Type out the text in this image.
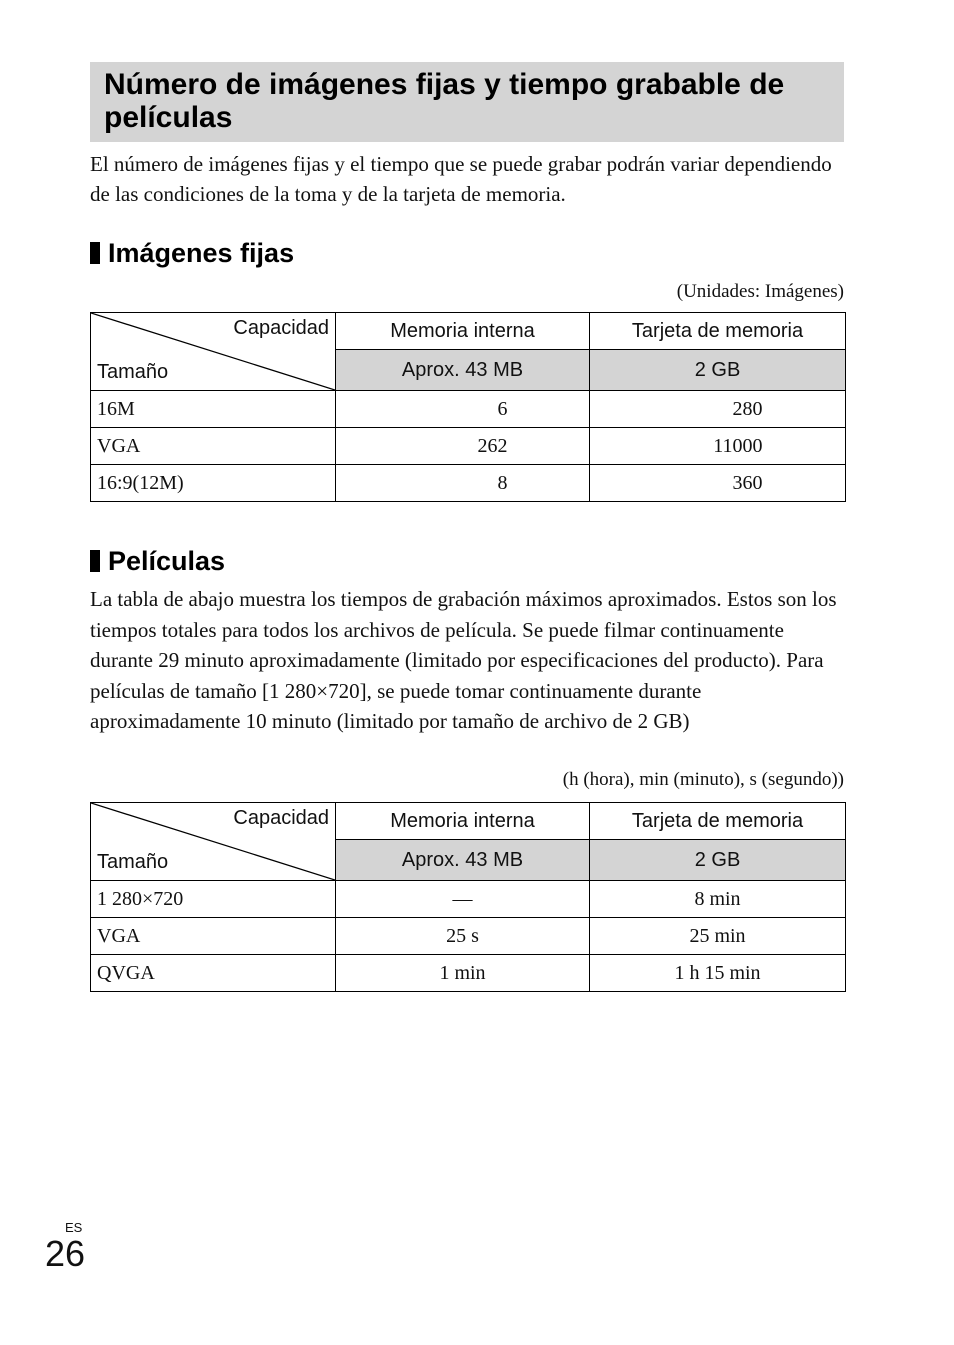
Número de imágenes fijas y tiempo grabable de películas

El número de imágenes fijas y el tiempo que se puede grabar podrán variar dependiendo de las condiciones de la toma y de la tarjeta de memoria.

Imágenes fijas

(Unidades: Imágenes)

Capacidad
Tamaño	Memoria interna	Tarjeta de memoria
	Aprox. 43 MB	2 GB
16M	6	280
VGA	262	11000
16:9(12M)	8	360
Películas

La tabla de abajo muestra los tiempos de grabación máximos aproximados. Estos son los tiempos totales para todos los archivos de película. Se puede filmar continuamente durante 29 minuto aproximadamente (limitado por especificaciones del producto). Para películas de tamaño [1 280×720], se puede tomar continuamente durante aproximadamente 10 minuto (limitado por tamaño de archivo de 2 GB)

(h (hora), min (minuto), s (segundo))

Capacidad
Tamaño	Memoria interna	Tarjeta de memoria
	Aprox. 43 MB	2 GB
1 280×720	—	8 min
VGA	25 s	25 min
QVGA	1 min	1 h 15 min
ES
26
